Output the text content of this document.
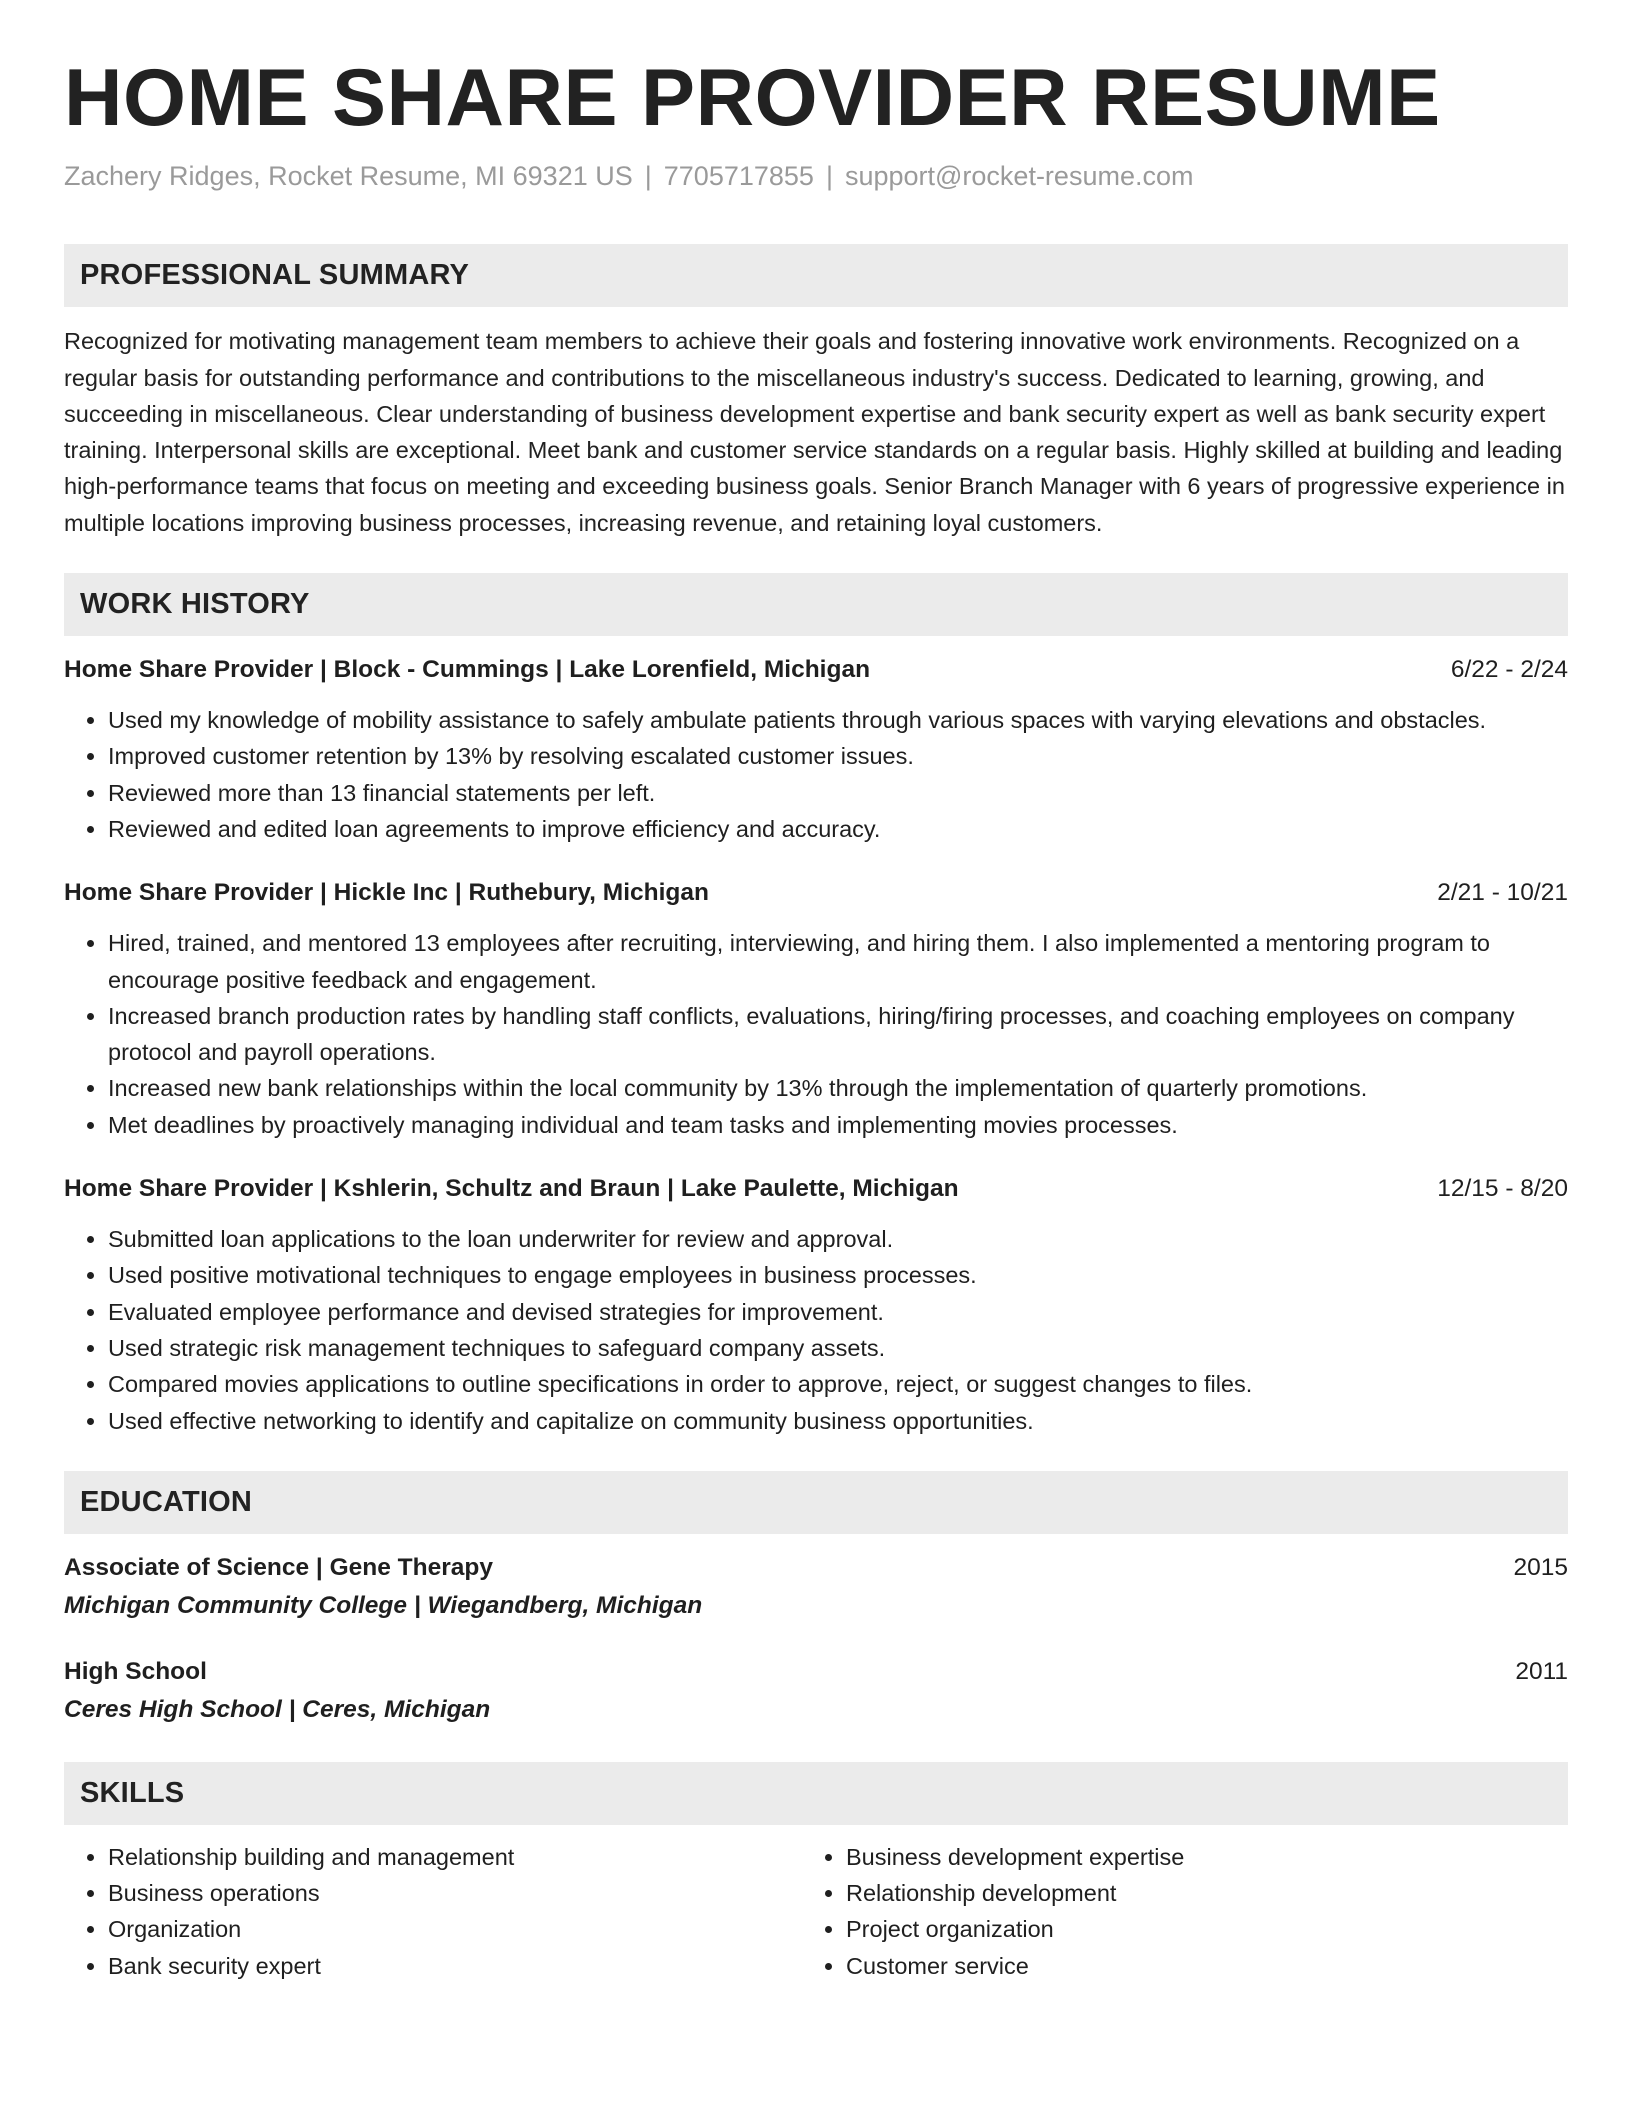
HOME SHARE PROVIDER RESUME
Zachery Ridges, Rocket Resume, MI 69321 US | 7705717855 | support@rocket-resume.com
PROFESSIONAL SUMMARY

Recognized for motivating management team members to achieve their goals and fostering innovative work environments. Recognized on a regular basis for outstanding performance and contributions to the miscellaneous industry's success. Dedicated to learning, growing, and succeeding in miscellaneous. Clear understanding of business development expertise and bank security expert as well as bank security expert training. Interpersonal skills are exceptional. Meet bank and customer service standards on a regular basis. Highly skilled at building and leading high-performance teams that focus on meeting and exceeding business goals. Senior Branch Manager with 6 years of progressive experience in multiple locations improving business processes, increasing revenue, and retaining loyal customers.

WORK HISTORY
Home Share Provider | Block - Cummings | Lake Lorenfield, Michigan	6/22 - 2/24
• Used my knowledge of mobility assistance to safely ambulate patients through various spaces with varying elevations and obstacles.
• Improved customer retention by 13% by resolving escalated customer issues.
• Reviewed more than 13 financial statements per left.
• Reviewed and edited loan agreements to improve efficiency and accuracy.
Home Share Provider | Hickle Inc | Ruthebury, Michigan	2/21 - 10/21
• Hired, trained, and mentored 13 employees after recruiting, interviewing, and hiring them. I also implemented a mentoring program to encourage positive feedback and engagement.
• Increased branch production rates by handling staff conflicts, evaluations, hiring/firing processes, and coaching employees on company protocol and payroll operations.
• Increased new bank relationships within the local community by 13% through the implementation of quarterly promotions.
• Met deadlines by proactively managing individual and team tasks and implementing movies processes.
Home Share Provider | Kshlerin, Schultz and Braun | Lake Paulette, Michigan	12/15 - 8/20
• Submitted loan applications to the loan underwriter for review and approval.
• Used positive motivational techniques to engage employees in business processes.
• Evaluated employee performance and devised strategies for improvement.
• Used strategic risk management techniques to safeguard company assets.
• Compared movies applications to outline specifications in order to approve, reject, or suggest changes to files.
• Used effective networking to identify and capitalize on community business opportunities.
EDUCATION
Associate of Science | Gene Therapy	2015
Michigan Community College | Wiegandberg, Michigan
High School	2011
Ceres High School | Ceres, Michigan
SKILLS
• Relationship building and management
• Business operations
• Organization
• Bank security expert
• Business development expertise
• Relationship development
• Project organization
• Customer service
